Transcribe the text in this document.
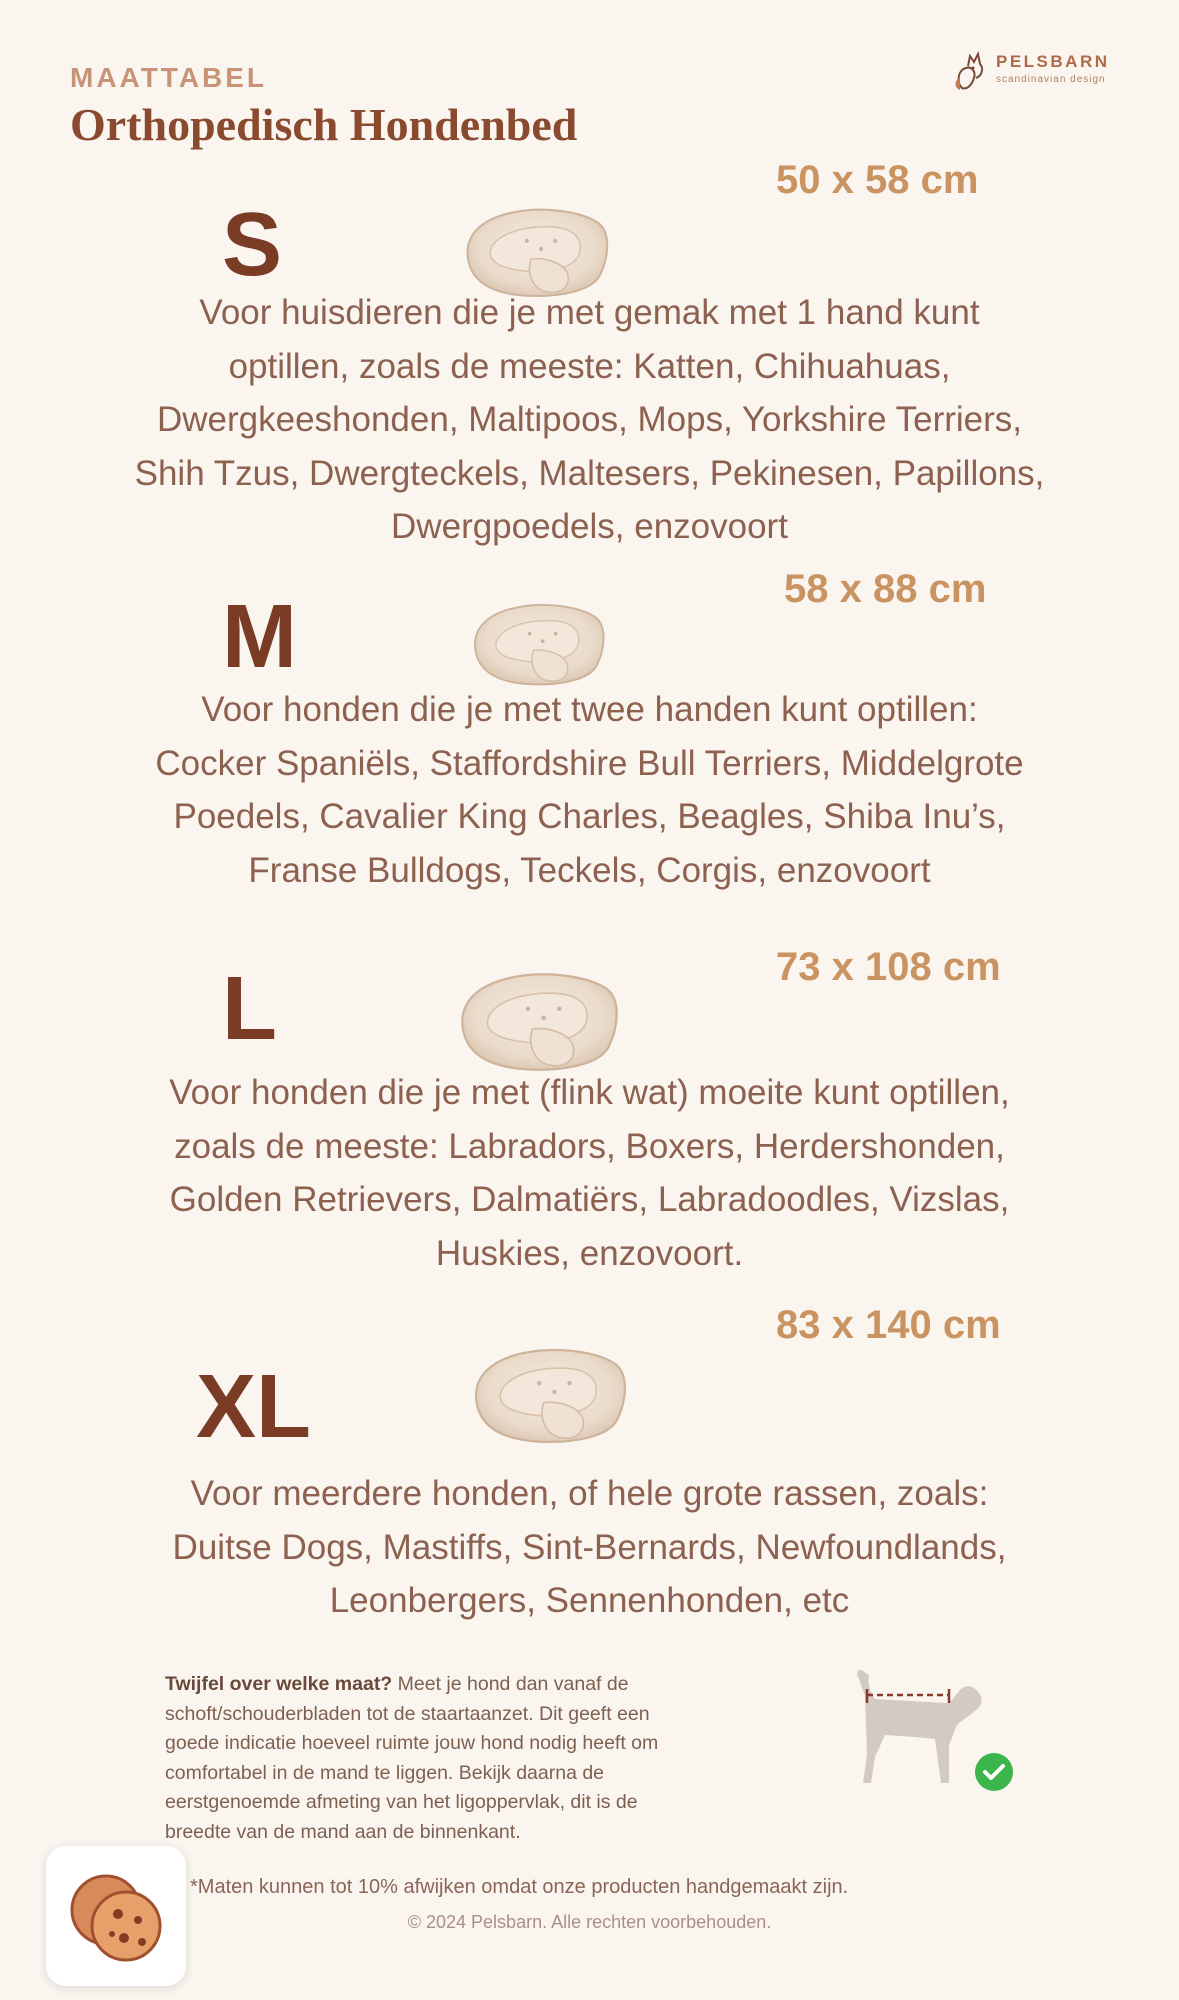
MAATTABEL
Orthopedisch Hondenbed
PELSBARN
scandinavian design
50 x 58 cm
S
Voor huisdieren die je met gemak met 1 hand kunt
optillen, zoals de meeste: Katten, Chihuahuas,
Dwergkeeshonden, Maltipoos, Mops, Yorkshire Terriers,
Shih Tzus, Dwergteckels, Maltesers, Pekinesen, Papillons,
Dwergpoedels, enzovoort
58 x 88 cm
M
Voor honden die je met twee handen kunt optillen:
Cocker Spaniëls, Staffordshire Bull Terriers, Middelgrote
Poedels, Cavalier King Charles, Beagles, Shiba Inu’s,
Franse Bulldogs, Teckels, Corgis, enzovoort
73 x 108 cm
L
Voor honden die je met (flink wat) moeite kunt optillen,
zoals de meeste: Labradors, Boxers, Herdershonden,
Golden Retrievers, Dalmatiërs, Labradoodles, Vizslas,
Huskies, enzovoort.
83 x 140 cm
XL
Voor meerdere honden, of hele grote rassen, zoals:
Duitse Dogs, Mastiffs, Sint-Bernards, Newfoundlands,
Leonbergers, Sennenhonden, etc
Twijfel over welke maat? Meet je hond dan vanaf de
schoft/schouderbladen tot de staartaanzet. Dit geeft een
goede indicatie hoeveel ruimte jouw hond nodig heeft om
comfortabel in de mand te liggen. Bekijk daarna de
eerstgenoemde afmeting van het ligoppervlak, dit is de
breedte van de mand aan de binnenkant.
*Maten kunnen tot 10% afwijken omdat onze producten handgemaakt zijn.
© 2024 Pelsbarn. Alle rechten voorbehouden.
